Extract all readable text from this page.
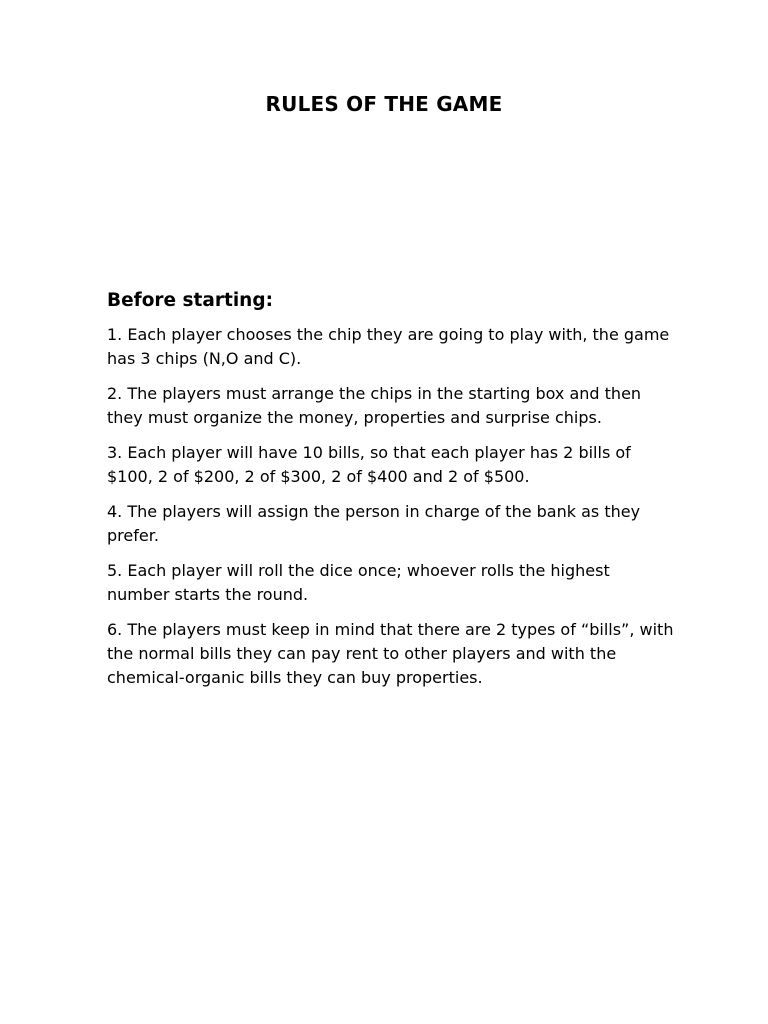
RULES OF THE GAME
Before starting:
1. Each player chooses the chip they are going to play with, the game has 3 chips (N,O and C).
2. The players must arrange the chips in the starting box and then they must organize the money, properties and surprise chips.
3. Each player will have 10 bills, so that each player has 2 bills of $100, 2 of $200, 2 of $300, 2 of $400 and 2 of $500.
4. The players will assign the person in charge of the bank as they prefer.
5. Each player will roll the dice once; whoever rolls the highest number starts the round.
6. The players must keep in mind that there are 2 types of “bills”, with the normal bills they can pay rent to other players and with the chemical-organic bills they can buy properties.
